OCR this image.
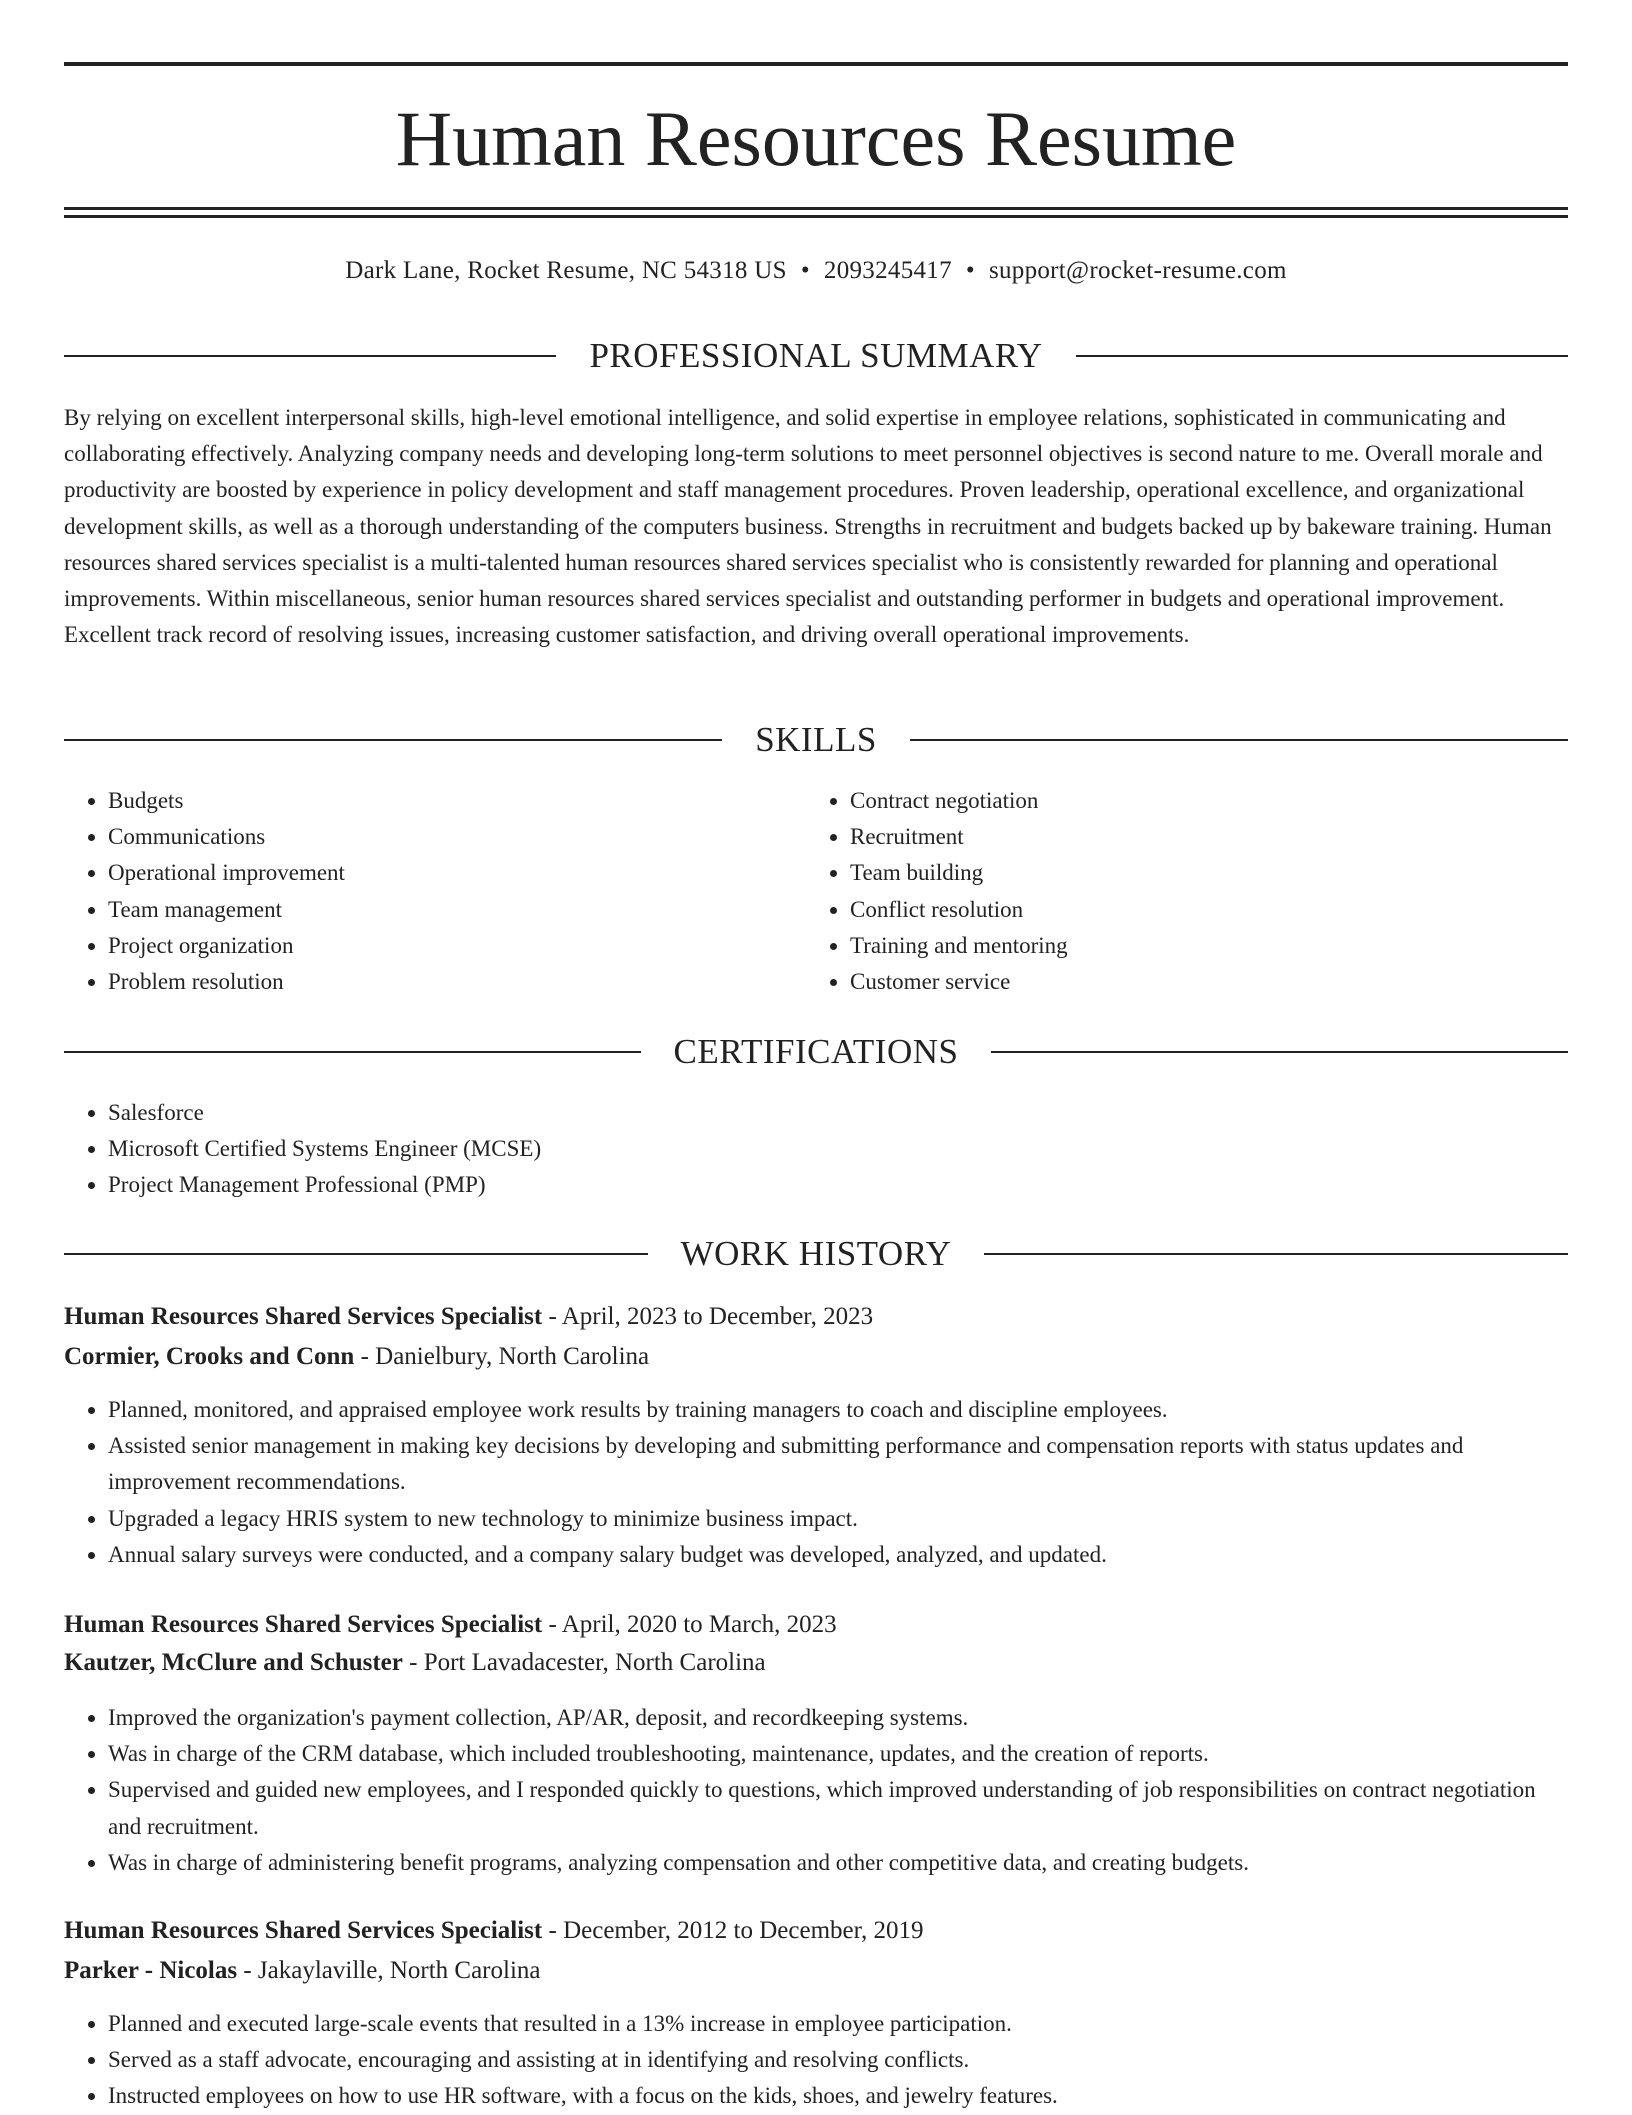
Human Resources Resume
Dark Lane, Rocket Resume, NC 54318 US • 2093245417 • support@rocket-resume.com
PROFESSIONAL SUMMARY

By relying on excellent interpersonal skills, high-level emotional intelligence, and solid expertise in employee relations, sophisticated in communicating and collaborating effectively. Analyzing company needs and developing long-term solutions to meet personnel objectives is second nature to me. Overall morale and productivity are boosted by experience in policy development and staff management procedures. Proven leadership, operational excellence, and organizational development skills, as well as a thorough understanding of the computers business. Strengths in recruitment and budgets backed up by bakeware training. Human resources shared services specialist is a multi-talented human resources shared services specialist who is consistently rewarded for planning and operational improvements. Within miscellaneous, senior human resources shared services specialist and outstanding performer in budgets and operational improvement. Excellent track record of resolving issues, increasing customer satisfaction, and driving overall operational improvements.

SKILLS
• Budgets
• Communications
• Operational improvement
• Team management
• Project organization
• Problem resolution
• Contract negotiation
• Recruitment
• Team building
• Conflict resolution
• Training and mentoring
• Customer service
CERTIFICATIONS
• Salesforce
• Microsoft Certified Systems Engineer (MCSE)
• Project Management Professional (PMP)
WORK HISTORY
Human Resources Shared Services Specialist - April, 2023 to December, 2023
Cormier, Crooks and Conn - Danielbury, North Carolina
• Planned, monitored, and appraised employee work results by training managers to coach and discipline employees.
• Assisted senior management in making key decisions by developing and submitting performance and compensation reports with status updates and improvement recommendations.
• Upgraded a legacy HRIS system to new technology to minimize business impact.
• Annual salary surveys were conducted, and a company salary budget was developed, analyzed, and updated.
Human Resources Shared Services Specialist - April, 2020 to March, 2023
Kautzer, McClure and Schuster - Port Lavadacester, North Carolina
• Improved the organization's payment collection, AP/AR, deposit, and recordkeeping systems.
• Was in charge of the CRM database, which included troubleshooting, maintenance, updates, and the creation of reports.
• Supervised and guided new employees, and I responded quickly to questions, which improved understanding of job responsibilities on contract negotiation and recruitment.
• Was in charge of administering benefit programs, analyzing compensation and other competitive data, and creating budgets.
Human Resources Shared Services Specialist - December, 2012 to December, 2019
Parker - Nicolas - Jakaylaville, North Carolina
• Planned and executed large-scale events that resulted in a 13% increase in employee participation.
• Served as a staff advocate, encouraging and assisting at in identifying and resolving conflicts.
• Instructed employees on how to use HR software, with a focus on the kids, shoes, and jewelry features.
